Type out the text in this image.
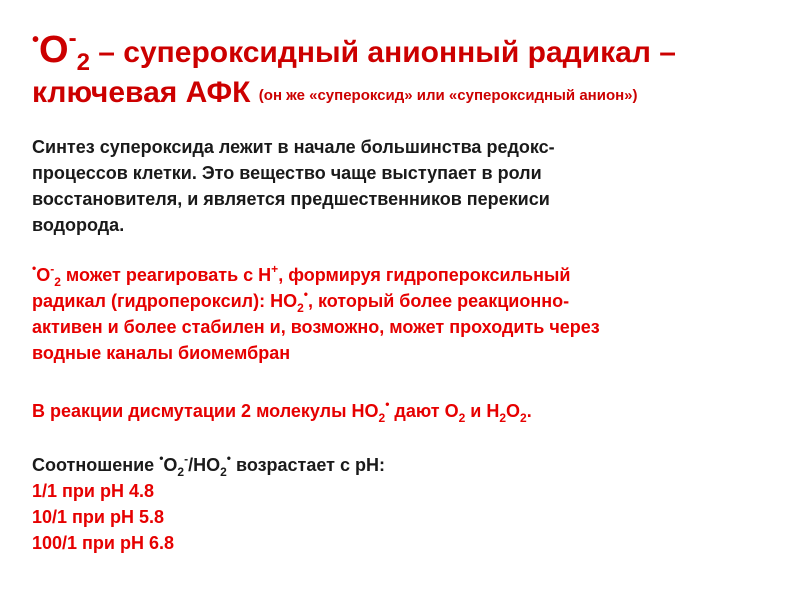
$^•O^-_2$ – супероксидный анионный радикал –
ключевая АФК (он же «супероксид» или «супероксидный анион»)
Синтез супероксида лежит в начале большинства редокс-
процессов клетки. Это вещество чаще выступает в роли
восстановителя, и является предшественников перекиси
водорода.
$^•O^-_2$ может реагировать с Н+, формируя гидропероксильный
радикал (гидропероксил): $НО_2^•$, который более реакционно-
активен и более стабилен и, возможно, может проходить через
водные каналы биомембран
В реакции дисмутации 2 молекулы $НО_2^•$ дают $О_2$ и $Н_2О_2$.
Соотношение $^•O_2^-/HO_2^•$ возрастает с рН:
1/1 при pH 4.8
10/1 при pH 5.8
100/1 при pH 6.8
